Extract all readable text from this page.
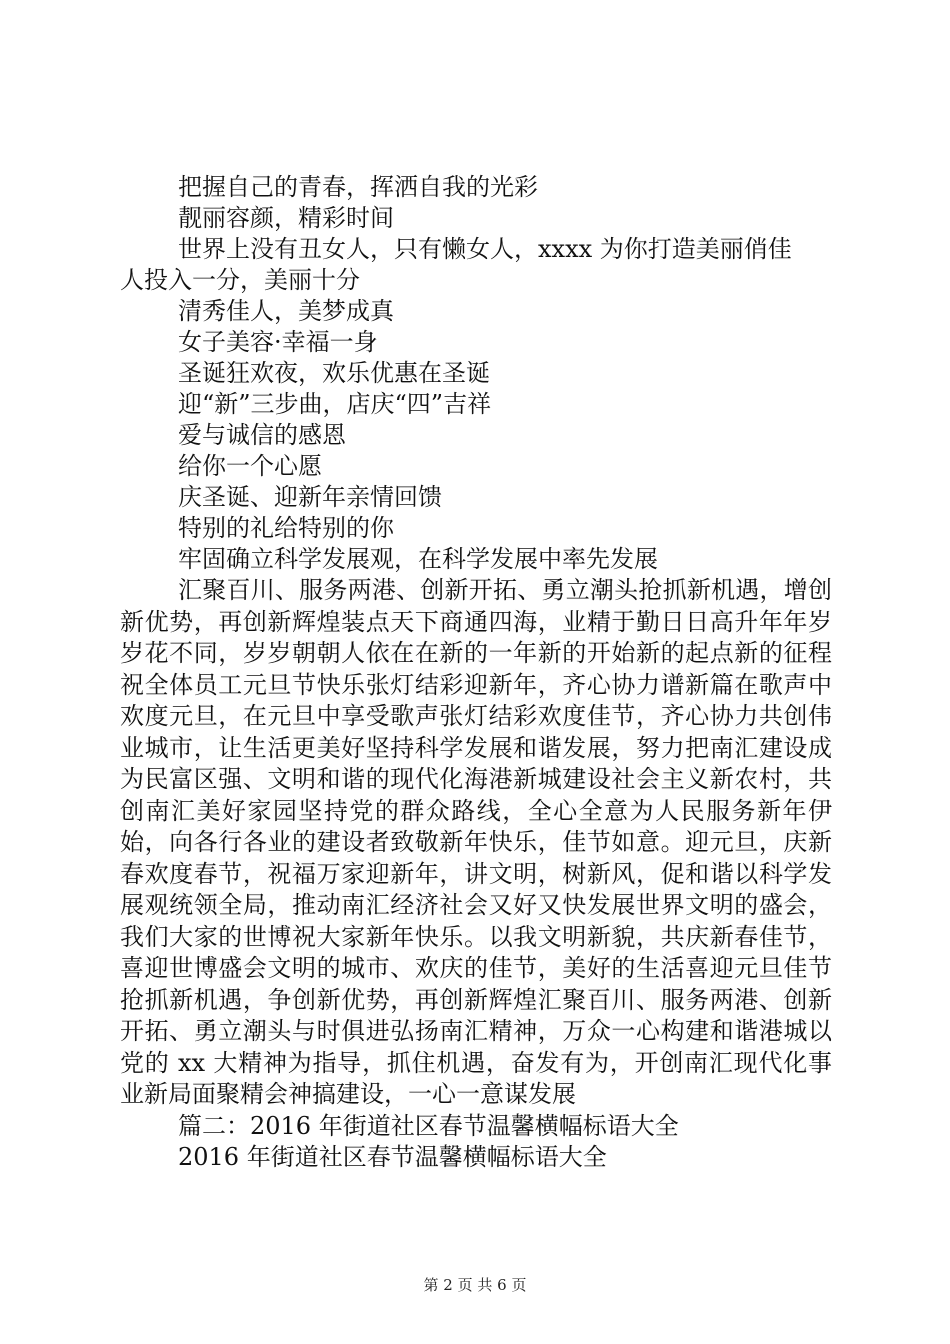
把握自己的青春，挥洒自我的光彩
靓丽容颜，精彩时间
世界上没有丑女人，只有懒女人，xxxx 为你打造美丽俏佳
人投入一分，美丽十分
清秀佳人，美梦成真
女子美容·幸福一身
圣诞狂欢夜，欢乐优惠在圣诞
迎“新”三步曲，店庆“四”吉祥
爱与诚信的感恩
给你一个心愿
庆圣诞、迎新年亲情回馈
特别的礼给特别的你
牢固确立科学发展观，在科学发展中率先发展

汇聚百川、服务两港、创新开拓、勇立潮头抢抓新机遇，增创新优势，再创新辉煌装点天下商通四海，业精于勤日日高升年年岁岁花不同，岁岁朝朝人依在在新的一年新的开始新的起点新的征程祝全体员工元旦节快乐张灯结彩迎新年，齐心协力谱新篇在歌声中欢度元旦，在元旦中享受歌声张灯结彩欢度佳节，齐心协力共创伟业城市，让生活更美好坚持科学发展和谐发展，努力把南汇建设成为民富区强、文明和谐的现代化海港新城建设社会主义新农村，共创南汇美好家园坚持党的群众路线，全心全意为人民服务新年伊始，向各行各业的建设者致敬新年快乐，佳节如意。迎元旦，庆新春欢度春节，祝福万家迎新年，讲文明，树新风，促和谐以科学发展观统领全局，推动南汇经济社会又好又快发展世界文明的盛会，我们大家的世博祝大家新年快乐。以我文明新貌，共庆新春佳节，喜迎世博盛会文明的城市、欢庆的佳节，美好的生活喜迎元旦佳节抢抓新机遇，争创新优势，再创新辉煌汇聚百川、服务两港、创新开拓、勇立潮头与时俱进弘扬南汇精神，万众一心构建和谐港城以党的 xx 大精神为指导，抓住机遇，奋发有为，开创南汇现代化事业新局面聚精会神搞建设，一心一意谋发展

篇二：2016 年街道社区春节温馨横幅标语大全
2016 年街道社区春节温馨横幅标语大全
第 2 页 共 6 页
